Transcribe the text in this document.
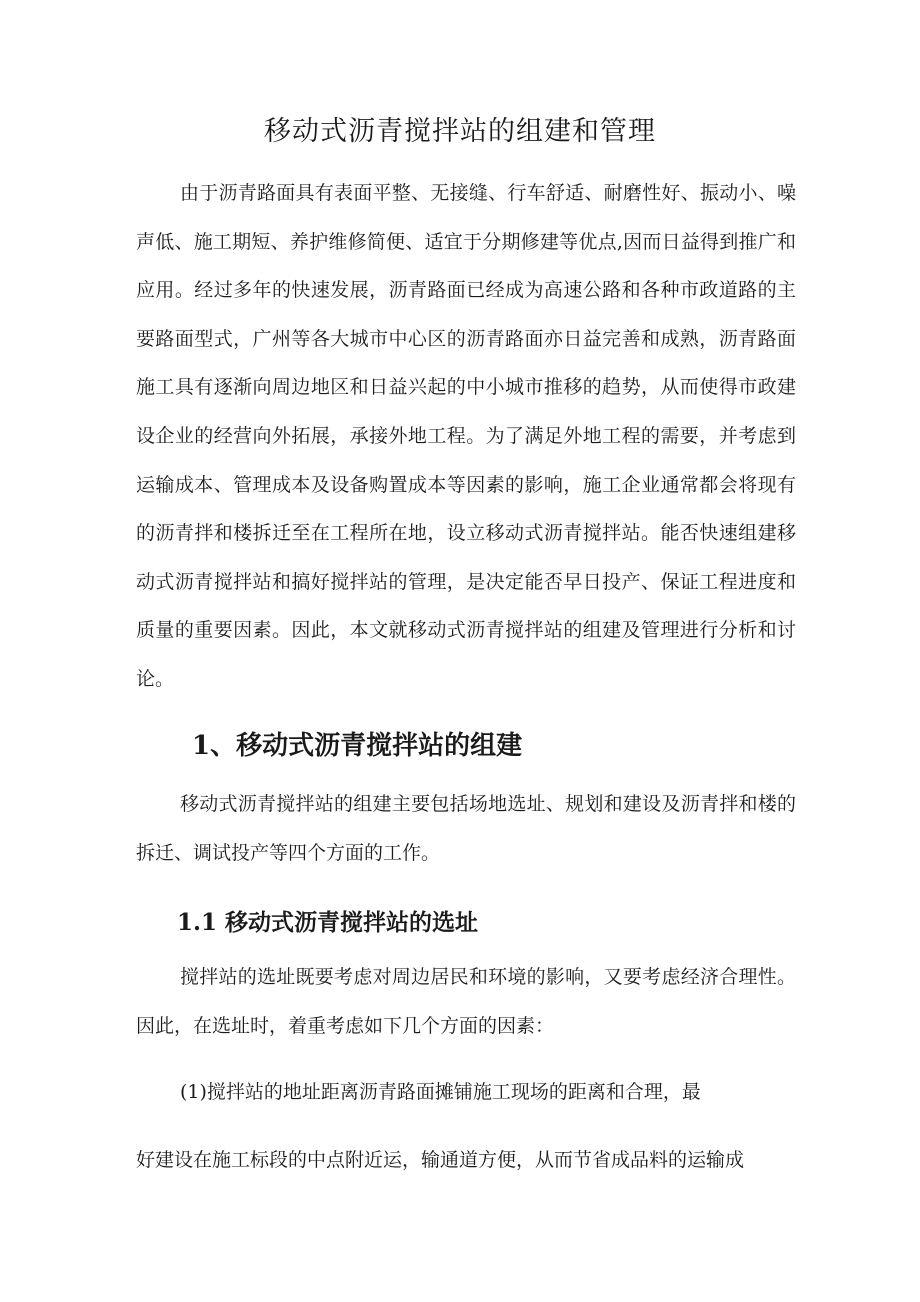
移动式沥青搅拌站的组建和管理

由于沥青路面具有表面平整、无接缝、行车舒适、耐磨性好、振动小、噪声低、施工期短、养护维修简便、适宜于分期修建等优点,因而日益得到推广和应用。经过多年的快速发展，沥青路面已经成为高速公路和各种市政道路的主要路面型式，广州等各大城市中心区的沥青路面亦日益完善和成熟，沥青路面施工具有逐渐向周边地区和日益兴起的中小城市推移的趋势，从而使得市政建设企业的经营向外拓展，承接外地工程。为了满足外地工程的需要，并考虑到运输成本、管理成本及设备购置成本等因素的影响，施工企业通常都会将现有的沥青拌和楼拆迁至在工程所在地，设立移动式沥青搅拌站。能否快速组建移动式沥青搅拌站和搞好搅拌站的管理，是决定能否早日投产、保证工程进度和质量的重要因素。因此，本文就移动式沥青搅拌站的组建及管理进行分析和讨论。

1、移动式沥青搅拌站的组建

移动式沥青搅拌站的组建主要包括场地选址、规划和建设及沥青拌和楼的拆迁、调试投产等四个方面的工作。

1.1 移动式沥青搅拌站的选址

搅拌站的选址既要考虑对周边居民和环境的影响，又要考虑经济合理性。因此，在选址时，着重考虑如下几个方面的因素：

(1)搅拌站的地址距离沥青路面摊铺施工现场的距离和合理，最

好建设在施工标段的中点附近运，输通道方便，从而节省成品料的运输成
